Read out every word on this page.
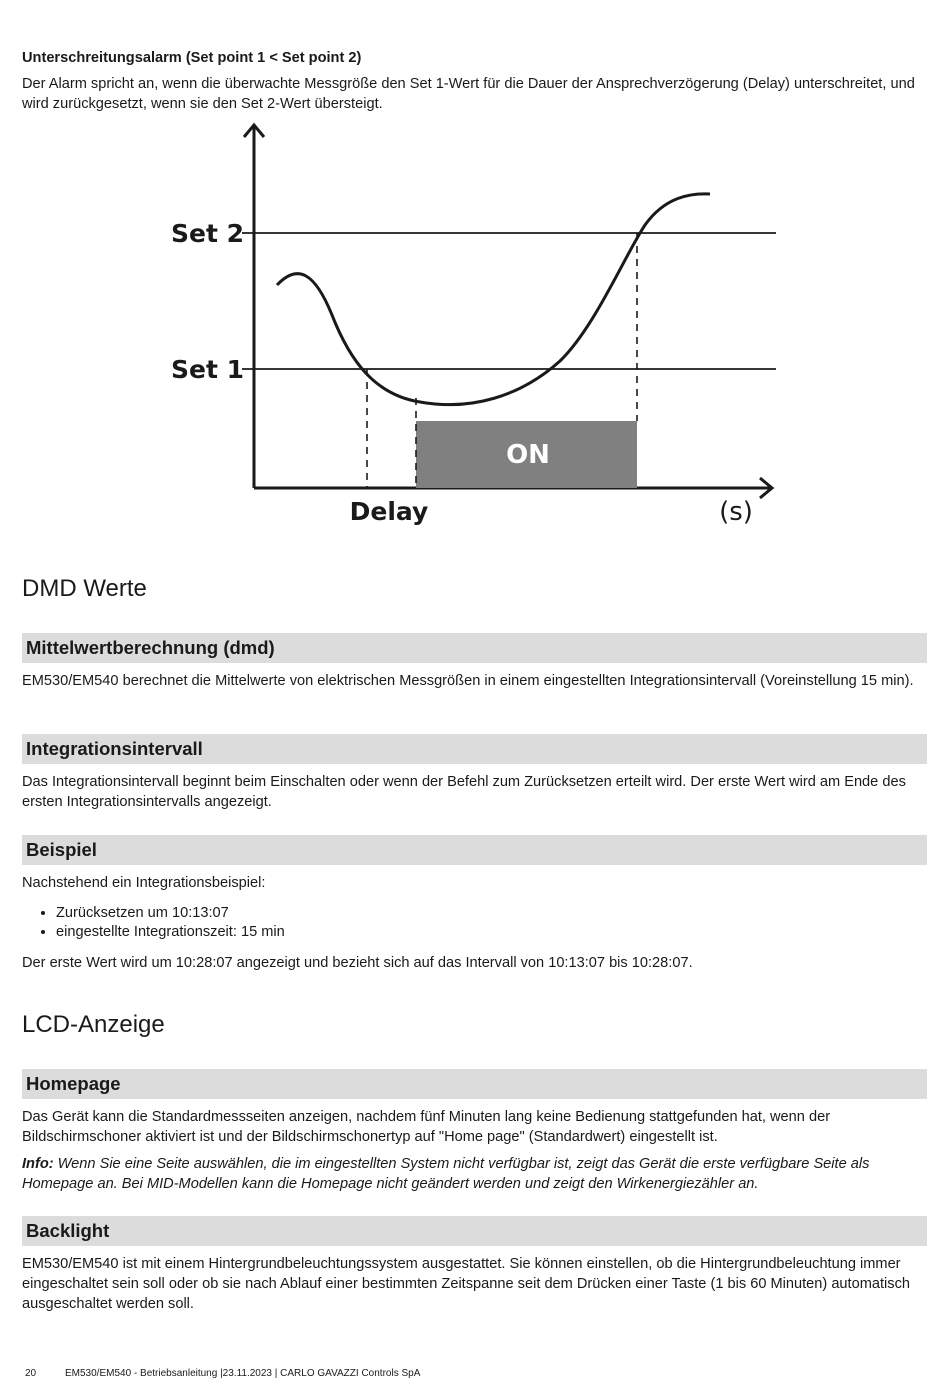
Unterschreitungsalarm (Set point 1 < Set point 2)

Der Alarm spricht an, wenn die überwachte Messgröße den Set 1-Wert für die Dauer der Ansprechverzögerung (Delay) unterschreitet, und wird zurückgesetzt, wenn sie den Set 2-Wert übersteigt.

ON
Set 2
Set 1
Delay	(s)
DMD Werte
Mittelwertberechnung (dmd)

EM530/EM540 berechnet die Mittelwerte von elektrischen Messgrößen in einem eingestellten Integrationsintervall (Voreinstellung 15 min).

Integrationsintervall

Das Integrationsintervall beginnt beim Einschalten oder wenn der Befehl zum Zurücksetzen erteilt wird. Der erste Wert wird am Ende des ersten Integrationsintervalls angezeigt.

Beispiel

Nachstehend ein Integrationsbeispiel:

• Zurücksetzen um 10:13:07
• eingestellte Integrationszeit: 15 min

Der erste Wert wird um 10:28:07 angezeigt und bezieht sich auf das Intervall von 10:13:07 bis 10:28:07.

LCD-Anzeige
Homepage

Das Gerät kann die Standardmessseiten anzeigen, nachdem fünf Minuten lang keine Bedienung stattgefunden hat, wenn der Bildschirmschoner aktiviert ist und der Bildschirmschonertyp auf "Home page" (Standardwert) eingestellt ist.

Info: Wenn Sie eine Seite auswählen, die im eingestellten System nicht verfügbar ist, zeigt das Gerät die erste verfügbare Seite als Homepage an. Bei MID-Modellen kann die Homepage nicht geändert werden und zeigt den Wirkenergiezähler an.

Backlight

EM530/EM540 ist mit einem Hintergrundbeleuchtungssystem ausgestattet. Sie können einstellen, ob die Hintergrundbeleuchtung immer eingeschaltet sein soll oder ob sie nach Ablauf einer bestimmten Zeitspanne seit dem Drücken einer Taste (1 bis 60 Minuten) automatisch ausgeschaltet werden soll.

20	EM530/EM540 - Betriebsanleitung |23.11.2023 | CARLO GAVAZZI Controls SpA
